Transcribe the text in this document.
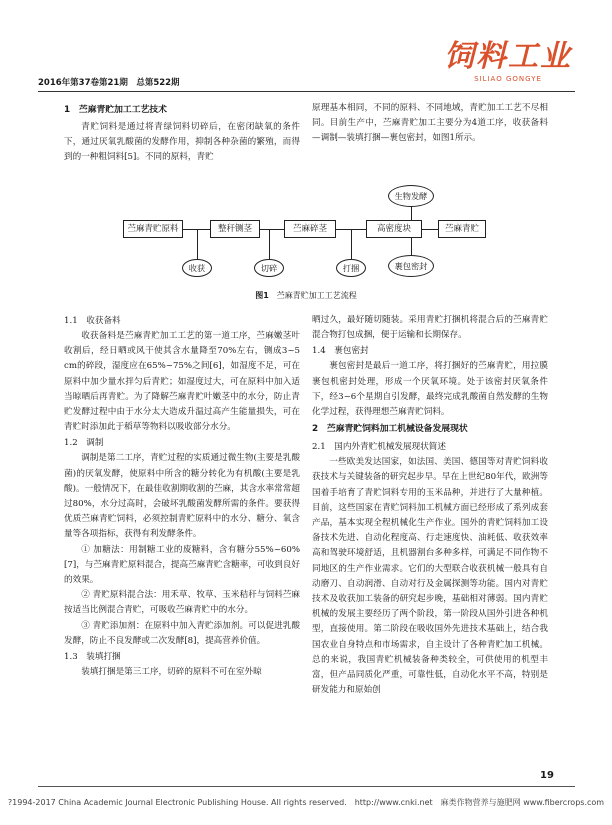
2016年第37卷第21期　总第522期
饲料工业
SILIAO GONGYE
1　苎麻青贮加工工艺技术

青贮饲料是通过将青绿饲料切碎后，在密闭缺氧的条件下，通过厌氧乳酸菌的发酵作用，抑制各种杂菌的繁殖，而得到的一种粗饲料[5]。不同的原料，青贮

原理基本相同，不同的原料、不同地域，青贮加工工艺不尽相同。目前生产中，苎麻青贮加工主要分为4道工序，收获备料—调制—装填打捆—裹包密封，如图1所示。

苎麻青贮原料	整秆铡茎	苎麻碎茎	高密度块	苎麻青贮
收获	切碎	打捆	裹包密封
生物发酵
图1 苎麻青贮加工工艺流程
1.1　收获备料

收获备料是苎麻青贮加工工艺的第一道工序，苎麻嫩茎叶收割后，经日晒或风干使其含水量降至70%左右，铡成3~5 cm的碎段，湿度应在65%~75%之间[6]，如湿度不足，可在原料中加少量水拌匀后青贮；如湿度过大，可在原料中加入适当晾晒后再青贮。为了降解苎麻青贮叶嫩茎中的水分，防止青贮发酵过程中由于水分太大造成升温过高产生能量损失，可在青贮时添加此于稻草等物料以吸收部分水分。

1.2　调制

调制是第二工序，青贮过程的实质通过微生物(主要是乳酸菌)的厌氧发酵，使原料中所含的糖分转化为有机酸(主要是乳酸)。一般情况下，在最佳收割期收割的苎麻，其含水率常常超过80%，水分过高时，会破坏乳酸菌发酵所需的条件。要获得优质苎麻青贮饲料，必须控制青贮原料中的水分、糖分、氧含量等各项指标，获得有利发酵条件。

① 加糖法：用制糖工业的废糖料，含有糖分55%~60%[7]，与苎麻青贮原料混合，提高苎麻青贮含糖率，可收到良好的效果。

② 青贮原料混合法：用禾草、牧草、玉米秸秆与饲料苎麻按适当比例混合青贮，可吸收苎麻青贮中的水分。

③ 青贮添加剂：在原料中加入青贮添加剂。可以促进乳酸发酵，防止不良发酵或二次发酵[8]，提高营养价值。

1.3　装填打捆

装填打捆是第三工序，切碎的原料不可在室外晾

晒过久，最好随切随装。采用青贮打捆机将混合后的苎麻青贮混合物打包成捆，便于运输和长期保存。

1.4　裹包密封

裹包密封是最后一道工序，将打捆好的苎麻青贮，用拉膜裹包机密封处理，形成一个厌氧环境。处于该密封厌氧条件下，经3~6个星期自引发酵，最终完成乳酸菌自然发酵的生物化学过程，获得理想苎麻青贮饲料。

2　苎麻青贮饲料加工机械设备发展现状
2.1　国内外青贮机械发展现状简述

一些欧美发达国家，如法国、美国、德国等对青贮饲料收获技术与关键装备的研究起步早。早在上世纪80年代，欧洲等国着手培育了青贮饲料专用的玉米品种，并进行了大量种植。目前，这些国家在青贮饲料加工机械方面已经形成了系列成套产品，基本实现全程机械化生产作业。国外的青贮饲料加工设备技术先进、自动化程度高、行走速度快、油耗低、收获效率高和驾驶环境舒适，且机器割台多种多样，可满足不同作物不同地区的生产作业需求。它们的大型联合收获机械一般具有自动磨刀、自动润滑、自动对行及金属探测等功能。国内对青贮技术及收获加工装备的研究起步晚，基础相对薄弱。国内青贮机械的发展主要经历了两个阶段，第一阶段从国外引进各种机型，直接使用。第二阶段在吸收国外先进技术基础上，结合我国农业自身特点和市场需求，自主设计了各种青贮加工机械。总的来说，我国青贮机械装备种类较全，可供使用的机型丰富，但产品同质化严重，可靠性低，自动化水平不高，特别是研发能力和原始创

19
?1994-2017 China Academic Journal Electronic Publishing House. All rights reserved.　http://www.cnki.net　麻类作物营养与施肥网 www.fibercrops.com
